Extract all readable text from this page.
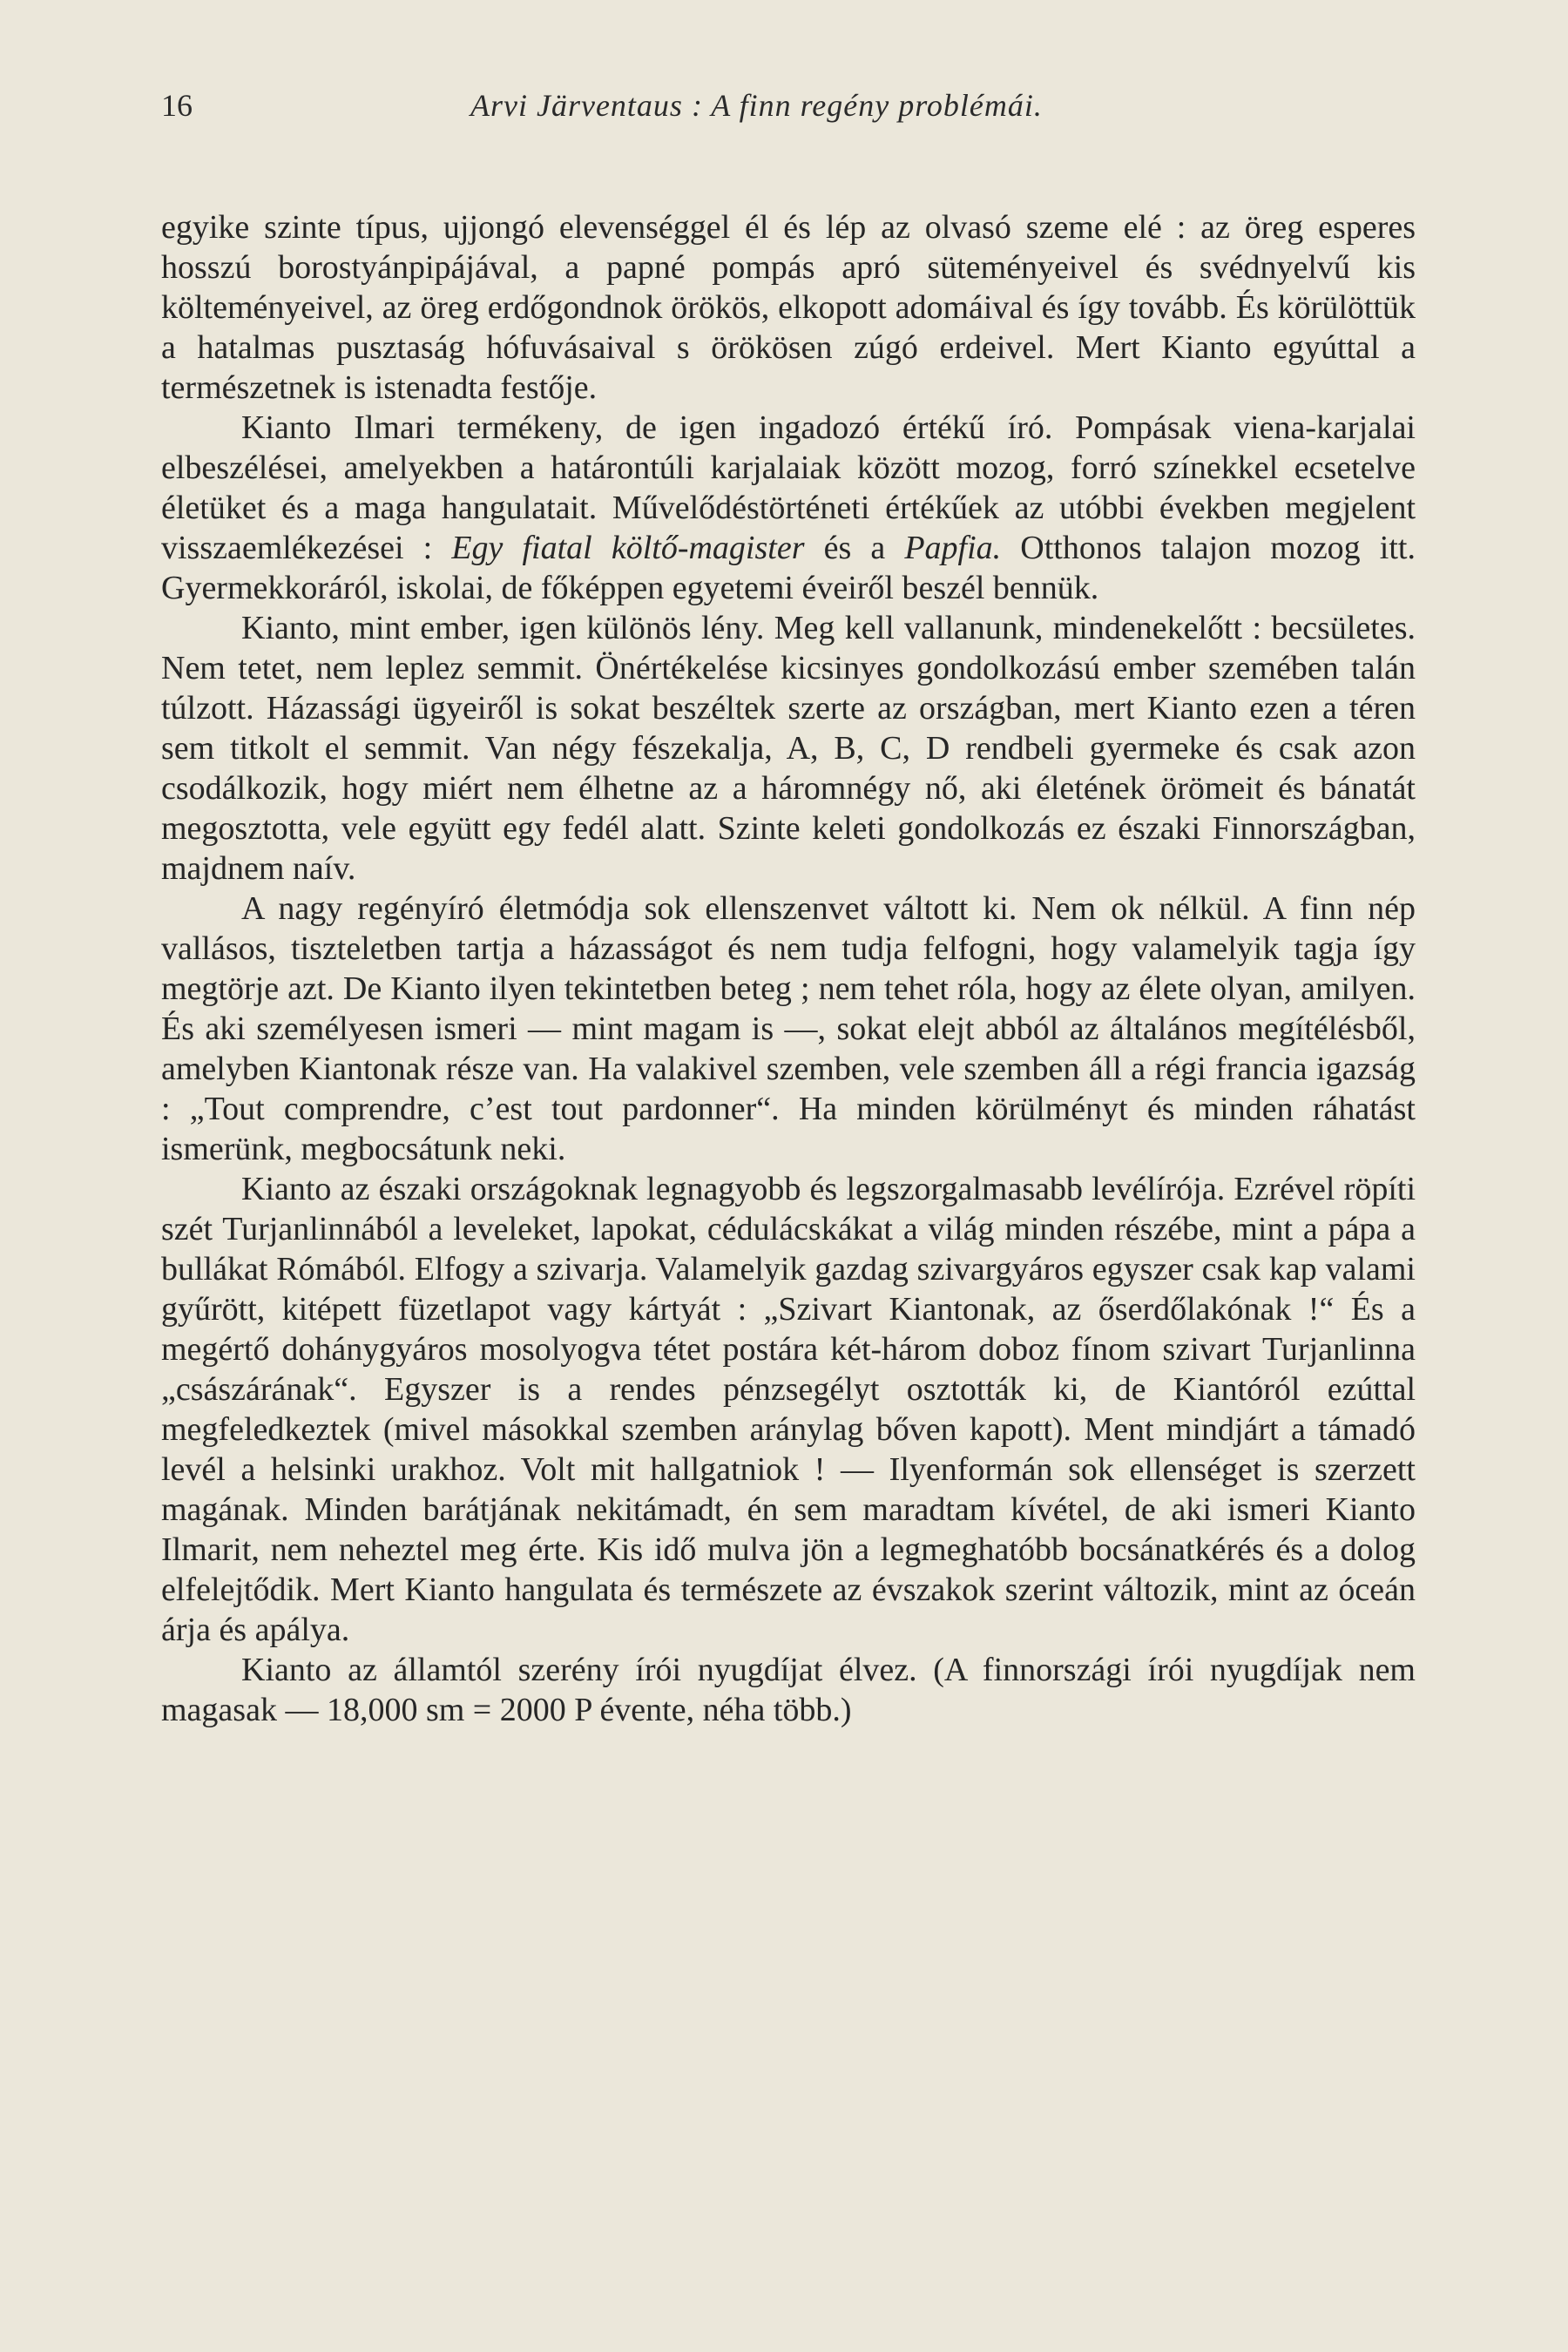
16	Arvi Järventaus : A finn regény problémái.

egyike szinte típus, ujjongó elevenséggel él és lép az olvasó szeme elé : az öreg esperes hosszú borostyánpipájával, a papné pompás apró süteményeivel és svédnyelvű kis költeményeivel, az öreg erdőgondnok örökös, elkopott adomáival és így tovább. És körülöttük a hatalmas pusztaság hófuvásaival s örökösen zúgó erdeivel. Mert Kianto egyúttal a természetnek is istenadta festője.

Kianto Ilmari termékeny, de igen ingadozó értékű író. Pompásak viena-karjalai elbeszélései, amelyekben a határontúli karjalaiak között mozog, forró színekkel ecsetelve életüket és a maga hangulatait. Művelődéstörténeti értékűek az utóbbi években megjelent visszaemlékezései : Egy fiatal költő-magister és a Papfia. Otthonos talajon mozog itt. Gyermekkoráról, iskolai, de főképpen egyetemi éveiről beszél bennük.

Kianto, mint ember, igen különös lény. Meg kell vallanunk, mindenekelőtt : becsületes. Nem tetet, nem leplez semmit. Önértékelése kicsinyes gondolkozású ember szemében talán túlzott. Házassági ügyeiről is sokat beszéltek szerte az országban, mert Kianto ezen a téren sem titkolt el semmit. Van négy fészekalja, A, B, C, D rendbeli gyermeke és csak azon csodálkozik, hogy miért nem élhetne az a háromnégy nő, aki életének örömeit és bánatát megosztotta, vele együtt egy fedél alatt. Szinte keleti gondolkozás ez északi Finnországban, majdnem naív.

A nagy regényíró életmódja sok ellenszenvet váltott ki. Nem ok nélkül. A finn nép vallásos, tiszteletben tartja a házasságot és nem tudja felfogni, hogy valamelyik tagja így megtörje azt. De Kianto ilyen tekintetben beteg ; nem tehet róla, hogy az élete olyan, amilyen. És aki személyesen ismeri — mint magam is —, sokat elejt abból az általános megítélésből, amelyben Kiantonak része van. Ha valakivel szemben, vele szemben áll a régi francia igazság : „Tout comprendre, c’est tout pardonner“. Ha minden körülményt és minden ráhatást ismerünk, megbocsátunk neki.

Kianto az északi országoknak legnagyobb és legszorgalmasabb levélírója. Ezrével röpíti szét Turjanlinnából a leveleket, lapokat, cédulácskákat a világ minden részébe, mint a pápa a bullákat Rómából. Elfogy a szivarja. Valamelyik gazdag szivargyáros egyszer csak kap valami gyűrött, kitépett füzetlapot vagy kártyát : „Szivart Kiantonak, az őserdőlakónak !“ És a megértő dohánygyáros mosolyogva tétet postára két-három doboz fínom szivart Turjanlinna „császárának“. Egyszer is a rendes pénzsegélyt osztották ki, de Kiantóról ezúttal megfeledkeztek (mivel másokkal szemben aránylag bőven kapott). Ment mindjárt a támadó levél a helsinki urakhoz. Volt mit hallgatniok ! — Ilyenformán sok ellenséget is szerzett magának. Minden barátjának nekitámadt, én sem maradtam kívétel, de aki ismeri Kianto Ilmarit, nem neheztel meg érte. Kis idő mulva jön a legmeghatóbb bocsánatkérés és a dolog elfelejtődik. Mert Kianto hangulata és természete az évszakok szerint változik, mint az óceán árja és apálya.

Kianto az államtól szerény írói nyugdíjat élvez. (A finnországi írói nyugdíjak nem magasak — 18,000 sm = 2000 P évente, néha több.)
